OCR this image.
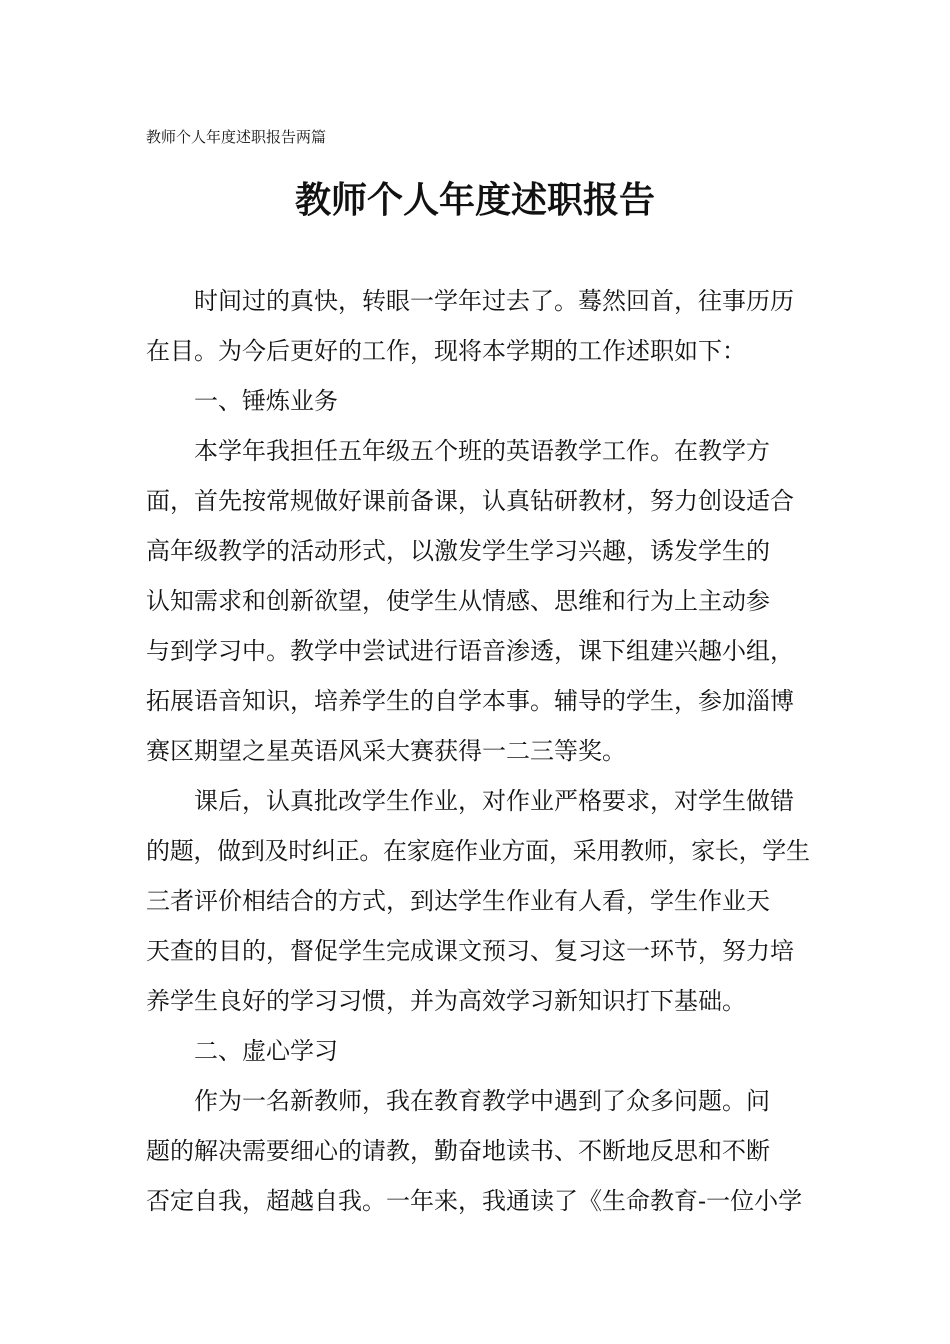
教师个人年度述职报告两篇
教师个人年度述职报告
时间过的真快，转眼一学年过去了。蓦然回首，往事历历
在目。为今后更好的工作，现将本学期的工作述职如下：
一、锤炼业务
本学年我担任五年级五个班的英语教学工作。在教学方
面，首先按常规做好课前备课，认真钻研教材，努力创设适合
高年级教学的活动形式，以激发学生学习兴趣，诱发学生的
认知需求和创新欲望，使学生从情感、思维和行为上主动参
与到学习中。教学中尝试进行语音渗透，课下组建兴趣小组，
拓展语音知识，培养学生的自学本事。辅导的学生，参加淄博
赛区期望之星英语风采大赛获得一二三等奖。
课后，认真批改学生作业，对作业严格要求，对学生做错
的题，做到及时纠正。在家庭作业方面，采用教师，家长，学生
三者评价相结合的方式，到达学生作业有人看，学生作业天
天查的目的，督促学生完成课文预习、复习这一环节，努力培
养学生良好的学习习惯，并为高效学习新知识打下基础。
二、虚心学习
作为一名新教师，我在教育教学中遇到了众多问题。问
题的解决需要细心的请教，勤奋地读书、不断地反思和不断
否定自我，超越自我。一年来，我通读了《生命教育-一位小学
